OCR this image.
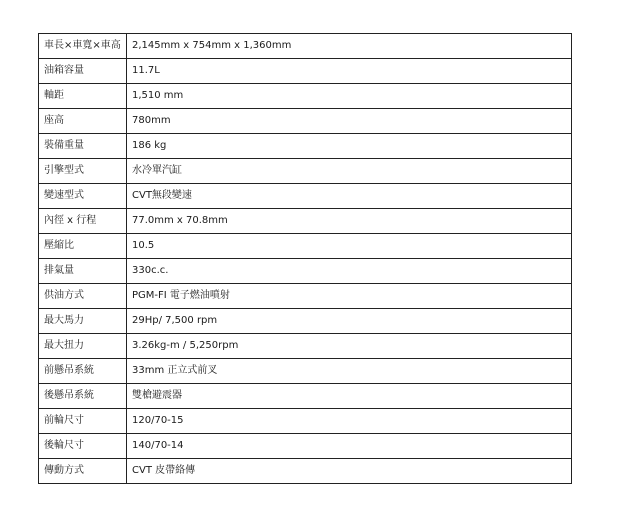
車長×車寬×車高	2,145mm x 754mm x 1,360mm
油箱容量	11.7L
軸距	1,510 mm
座高	780mm
裝備重量	186 kg
引擎型式	水冷單汽缸
變速型式	CVT無段變速
內徑 x 行程	77.0mm x 70.8mm
壓縮比	10.5
排氣量	330c.c.
供油方式	PGM-FI 電子燃油噴射
最大馬力	29Hp/ 7,500 rpm
最大扭力	3.26kg-m / 5,250rpm
前懸吊系統	33mm 正立式前叉
後懸吊系統	雙槍避震器
前輪尺寸	120/70-15
後輪尺寸	140/70-14
傳動方式	CVT 皮帶絡傳
